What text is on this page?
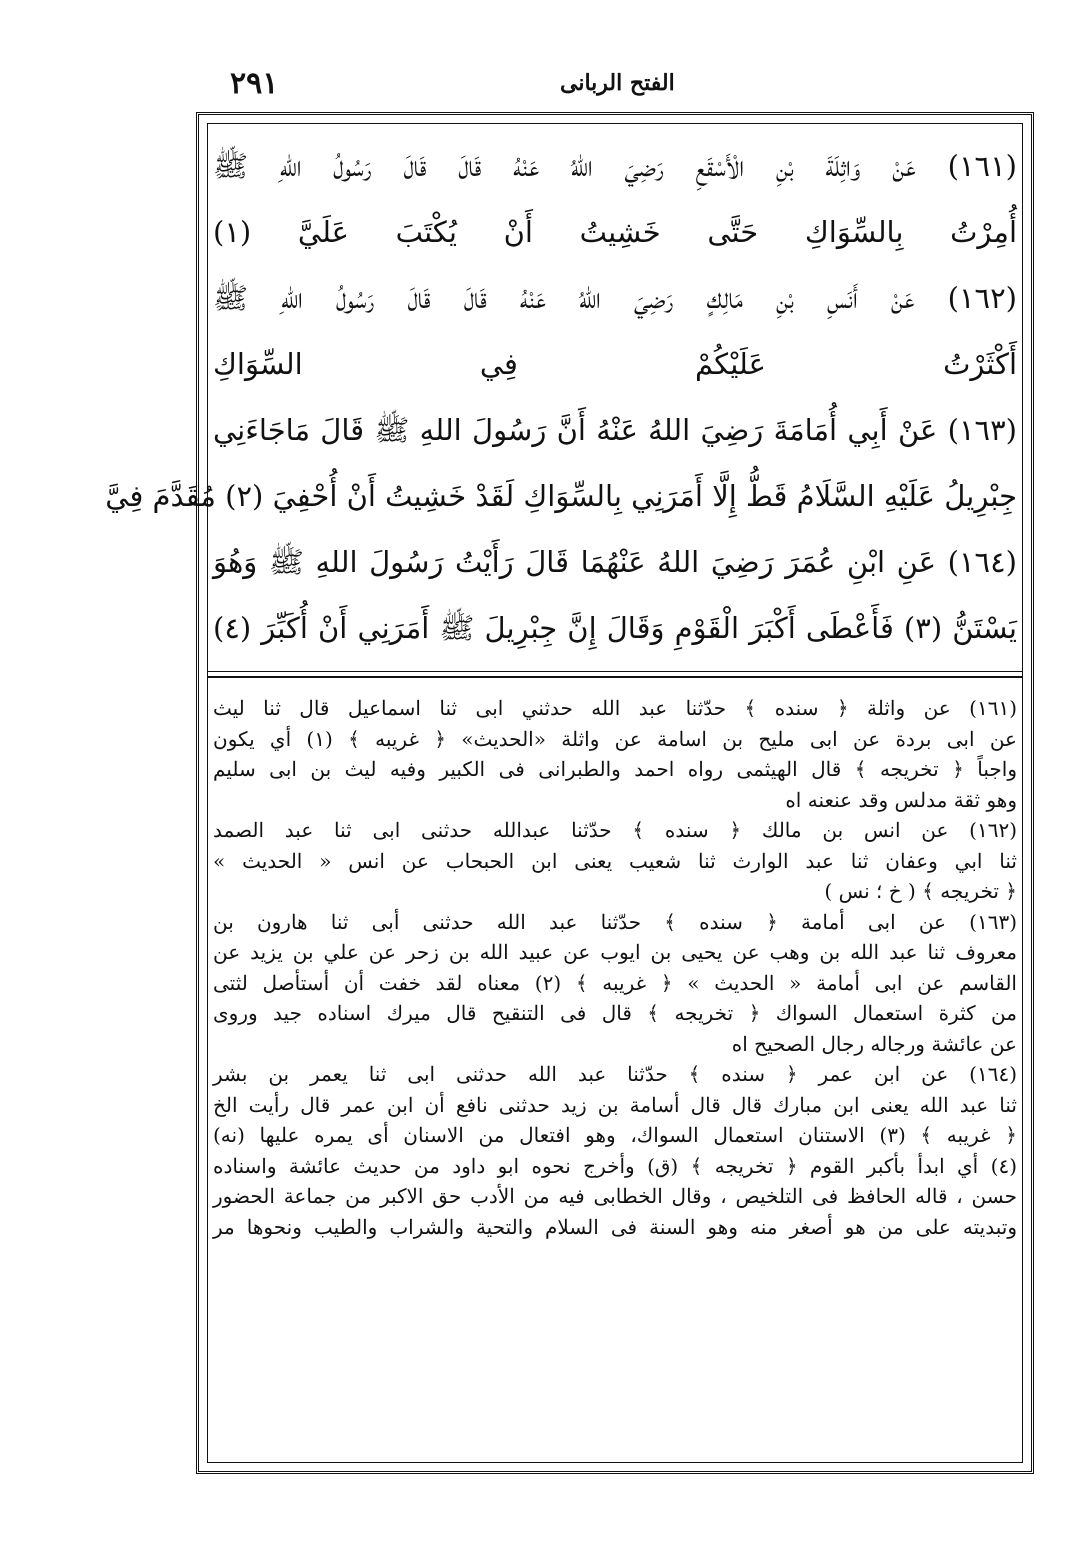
٢٩١	الفتح الربانى
(١٦١) عَنْ وَاثِلَةَ بْنِ الْأَسْقَعِ رَضِيَ اللهُ عَنْهُ قَالَ قَالَ رَسُولُ اللهِ ﷺ
أُمِرْتُ بِالسِّوَاكِ حَتَّى خَشِيتُ أَنْ يُكْتَبَ عَلَيَّ (١)
(١٦٢) عَنْ أَنَسِ بْنِ مَالِكٍ رَضِيَ اللهُ عَنْهُ قَالَ قَالَ رَسُولُ اللهِ ﷺ
أَكْثَرْتُ عَلَيْكُمْ فِي السِّوَاكِ
(١٦٣) عَنْ أَبِي أُمَامَةَ رَضِيَ اللهُ عَنْهُ أَنَّ رَسُولَ اللهِ ﷺ قَالَ مَاجَاءَنِي
جِبْرِيلُ عَلَيْهِ السَّلَامُ قَطُّ إِلَّا أَمَرَنِي بِالسِّوَاكِ لَقَدْ خَشِيتُ أَنْ أُحْفِيَ (٢) مُقَدَّمَ فِيَّ
(١٦٤) عَنِ ابْنِ عُمَرَ رَضِيَ اللهُ عَنْهُمَا قَالَ رَأَيْتُ رَسُولَ اللهِ ﷺ وَهُوَ
يَسْتَنُّ (٣) فَأَعْطَى أَكْبَرَ الْقَوْمِ وَقَالَ إِنَّ جِبْرِيلَ ﷺ أَمَرَنِي أَنْ أُكَبِّرَ (٤)
(١٦١) عن واثلة ﴿ سنده ﴾ حدّثنا عبد الله حدثني ابى ثنا اسماعيل قال ثنا ليث
عن ابى بردة عن ابى مليح بن اسامة عن واثلة «الحديث» ﴿ غريبه ﴾ (١) أي يكون
واجباً ﴿ تخريجه ﴾ قال الهيثمى رواه احمد والطبرانى فى الكبير وفيه ليث بن ابى سليم
وهو ثقة مدلس وقد عنعنه اه
(١٦٢) عن انس بن مالك ﴿ سنده ﴾ حدّثنا عبدالله حدثنى ابى ثنا عبد الصمد
ثنا ابي وعفان ثنا عبد الوارث ثنا شعيب يعنى ابن الحبحاب عن انس « الحديث »
﴿ تخريجه ﴾ ( خ ؛ نس )
(١٦٣) عن ابى أمامة ﴿ سنده ﴾ حدّثنا عبد الله حدثنى أبى ثنا هارون بن
معروف ثنا عبد الله بن وهب عن يحيى بن ايوب عن عبيد الله بن زحر عن علي بن يزيد عن
القاسم عن ابى أمامة « الحديث » ﴿ غريبه ﴾ (٢) معناه لقد خفت أن أستأصل لثتى
من كثرة استعمال السواك ﴿ تخريجه ﴾ قال فى التنقيح قال ميرك اسناده جيد وروى
عن عائشة ورجاله رجال الصحيح اه
(١٦٤) عن ابن عمر ﴿ سنده ﴾ حدّثنا عبد الله حدثنى ابى ثنا يعمر بن بشر
ثنا عبد الله يعنى ابن مبارك قال قال أسامة بن زيد حدثنى نافع أن ابن عمر قال رأيت الخ
﴿ غريبه ﴾ (٣) الاستنان استعمال السواك، وهو افتعال من الاسنان أى يمره عليها (نه)
(٤) أي ابدأ بأكبر القوم ﴿ تخريجه ﴾ (ق) وأخرج نحوه ابو داود من حديث عائشة واسناده
حسن ، قاله الحافظ فى التلخيص ، وقال الخطابى فيه من الأدب حق الاكبر من جماعة الحضور
وتبديته على من هو أصغر منه وهو السنة فى السلام والتحية والشراب والطيب ونحوها مر
